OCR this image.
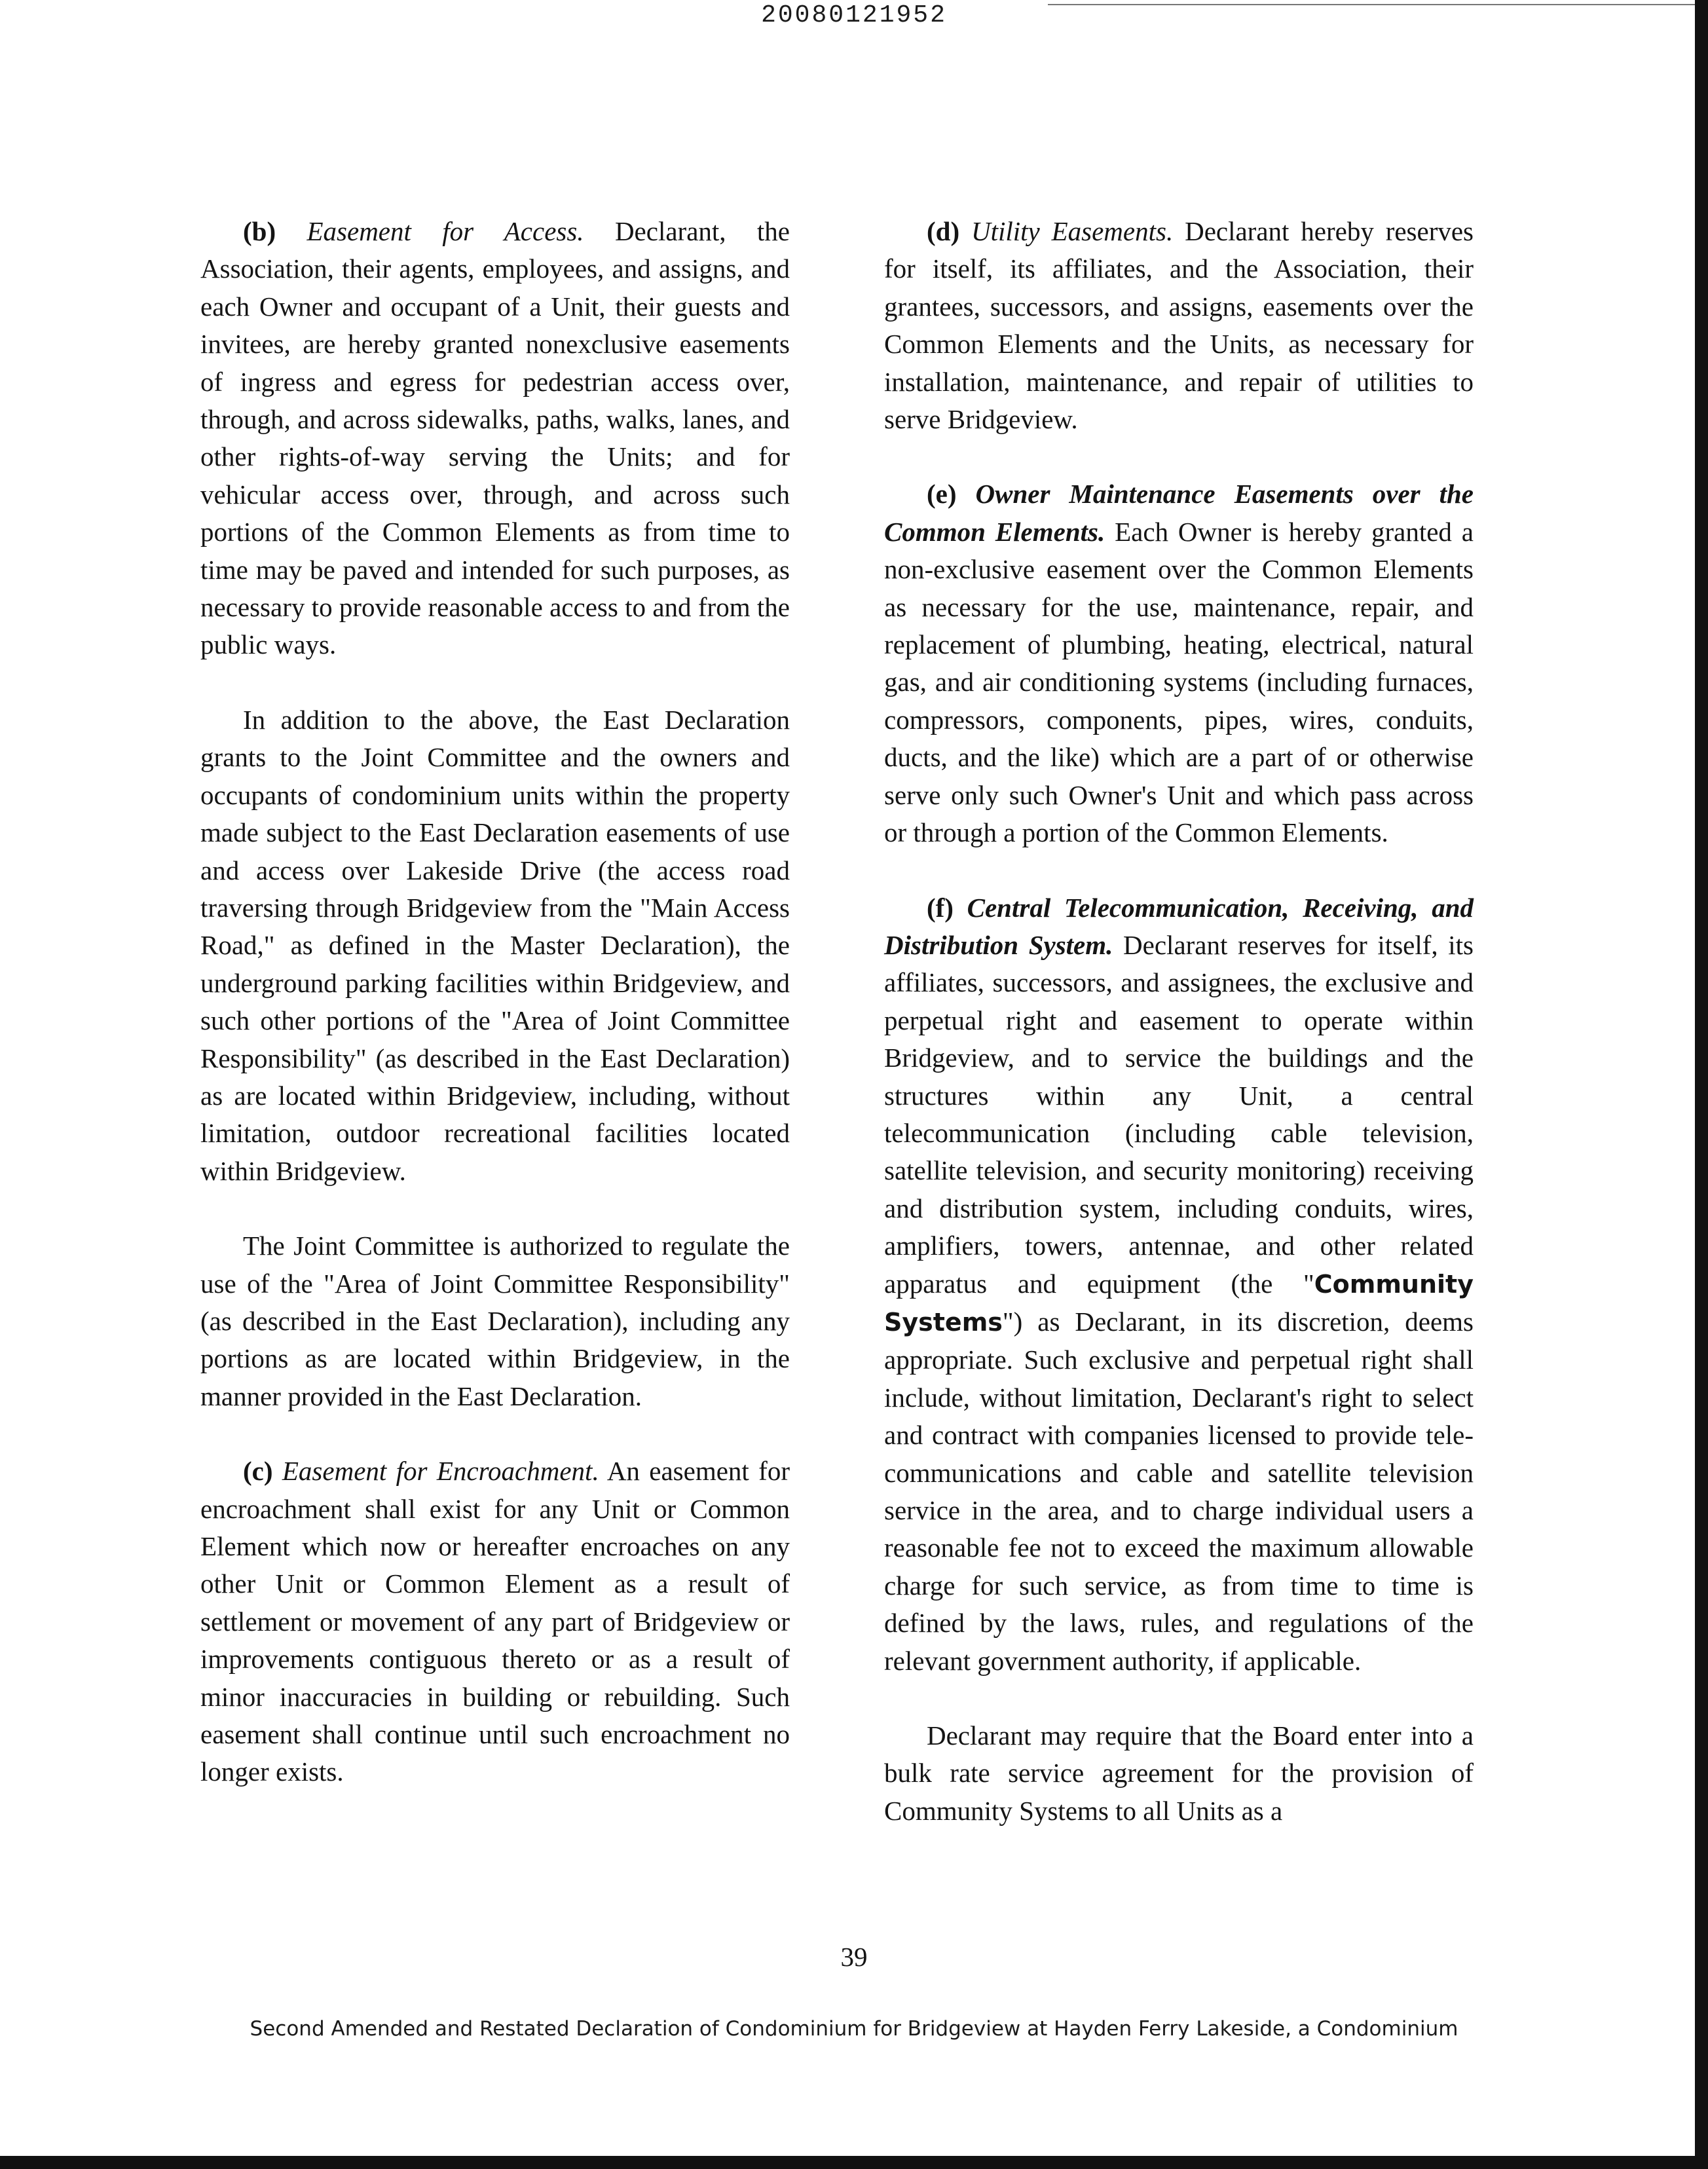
20080121952

(b) Easement for Access. Declarant, the Association, their agents, employees, and assigns, and each Owner and occupant of a Unit, their guests and invitees, are hereby granted nonexclusive easements of ingress and egress for pedestrian access over, through, and across sidewalks, paths, walks, lanes, and other rights-of-way serving the Units; and for vehicular access over, through, and across such portions of the Common Elements as from time to time may be paved and intended for such purposes, as necessary to provide reasonable access to and from the public ways.

In addition to the above, the East Declaration grants to the Joint Committee and the owners and occupants of condominium units within the property made subject to the East Declaration easements of use and access over Lakeside Drive (the access road traversing through Bridgeview from the "Main Access Road," as defined in the Master Declaration), the underground parking facilities within Bridgeview, and such other portions of the "Area of Joint Committee Responsibility" (as described in the East Declaration) as are located within Bridgeview, including, without limitation, outdoor recreational facilities located within Bridgeview.

The Joint Committee is authorized to regulate the use of the "Area of Joint Committee Responsibility" (as described in the East Declaration), including any portions as are located within Bridgeview, in the manner provided in the East Declaration.

(c) Easement for Encroachment. An easement for encroachment shall exist for any Unit or Common Element which now or hereafter encroaches on any other Unit or Common Element as a result of settlement or movement of any part of Bridgeview or improvements contiguous thereto or as a result of minor inaccuracies in building or rebuilding. Such easement shall continue until such encroachment no longer exists.

(d) Utility Easements. Declarant hereby reserves for itself, its affiliates, and the Association, their grantees, successors, and assigns, easements over the Common Elements and the Units, as necessary for installation, maintenance, and repair of utilities to serve Bridgeview.

(e) Owner Maintenance Easements over the Common Elements. Each Owner is hereby granted a non-exclusive easement over the Common Elements as necessary for the use, maintenance, repair, and replacement of plumbing, heating, electrical, natural gas, and air conditioning systems (including furnaces, compressors, components, pipes, wires, conduits, ducts, and the like) which are a part of or otherwise serve only such Owner's Unit and which pass across or through a portion of the Common Elements.

(f) Central Telecommunication, Receiving, and Distribution System. Declarant reserves for itself, its affiliates, successors, and assignees, the exclusive and perpetual right and easement to operate within Bridgeview, and to service the buildings and the structures within any Unit, a central telecommunication (including cable television, satellite television, and security monitoring) receiving and distribution system, including conduits, wires, amplifiers, towers, antennae, and other related apparatus and equipment (the "Community Systems") as Declarant, in its discretion, deems appropriate. Such exclusive and perpetual right shall include, without limitation, Declarant's right to select and contract with companies licensed to provide telecommunications and cable and satellite television service in the area, and to charge individual users a reasonable fee not to exceed the maximum allowable charge for such service, as from time to time is defined by the laws, rules, and regulations of the relevant government authority, if applicable.

Declarant may require that the Board enter into a bulk rate service agreement for the provision of Community Systems to all Units as a

39
Second Amended and Restated Declaration of Condominium for Bridgeview at Hayden Ferry Lakeside, a Condominium
